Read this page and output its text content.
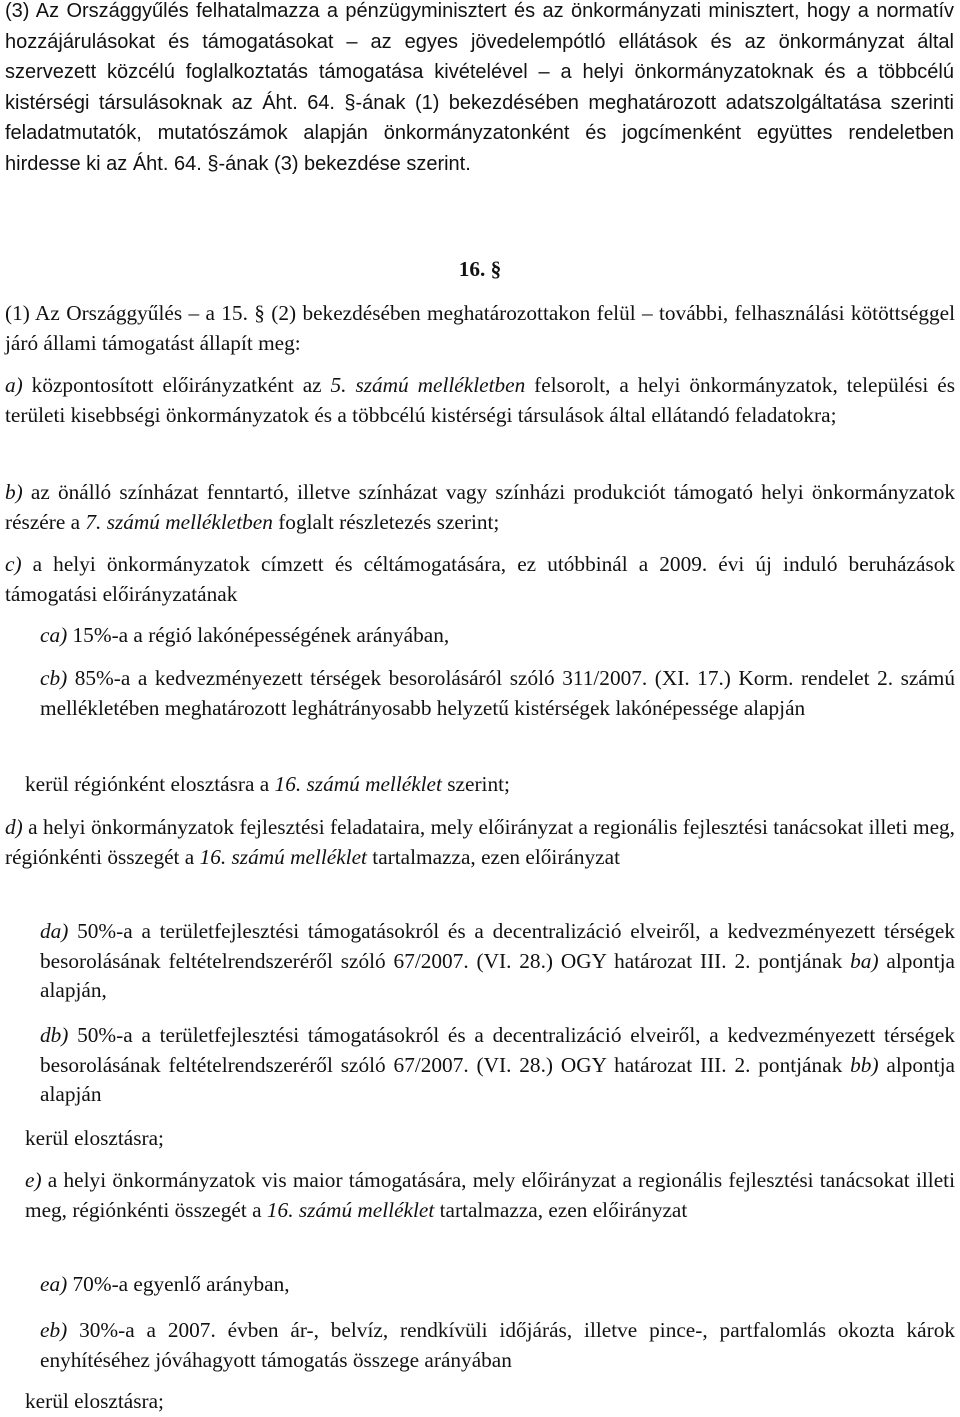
(3) Az Országgyűlés felhatalmazza a pénzügyminisztert és az önkormányzati minisztert, hogy a normatív hozzájárulásokat és támogatásokat – az egyes jövedelempótló ellátások és az önkormányzat által szervezett közcélú foglalkoztatás támogatása kivételével – a helyi önkormányzatoknak és a többcélú kistérségi társulásoknak az Áht. 64. §-ának (1) bekezdésében meghatározott adatszolgáltatása szerinti feladatmutatók, mutatószámok alapján önkormányzatonként és jogcímenként együttes rendeletben hirdesse ki az Áht. 64. §-ának (3) bekezdése szerint.

16. §

(1) Az Országgyűlés – a 15. § (2) bekezdésében meghatározottakon felül – további, felhasználási kötöttséggel járó állami támogatást állapít meg:

a) központosított előirányzatként az 5. számú mellékletben felsorolt, a helyi önkormányzatok, települési és területi kisebbségi önkormányzatok és a többcélú kistérségi társulások által ellátandó feladatokra;

b) az önálló színházat fenntartó, illetve színházat vagy színházi produkciót támogató helyi önkormányzatok részére a 7. számú mellékletben foglalt részletezés szerint;

c) a helyi önkormányzatok címzett és céltámogatására, ez utóbbinál a 2009. évi új induló beruházások támogatási előirányzatának

ca) 15%-a a régió lakónépességének arányában,

cb) 85%-a a kedvezményezett térségek besorolásáról szóló 311/2007. (XI. 17.) Korm. rendelet 2. számú mellékletében meghatározott leghátrányosabb helyzetű kistérségek lakónépessége alapján

kerül régiónként elosztásra a 16. számú melléklet szerint;

d) a helyi önkormányzatok fejlesztési feladataira, mely előirányzat a regionális fejlesztési tanácsokat illeti meg, régiónkénti összegét a 16. számú melléklet tartalmazza, ezen előirányzat

da) 50%-a a területfejlesztési támogatásokról és a decentralizáció elveiről, a kedvezményezett térségek besorolásának feltételrendszeréről szóló 67/2007. (VI. 28.) OGY határozat III. 2. pontjának ba) alpontja alapján,

db) 50%-a a területfejlesztési támogatásokról és a decentralizáció elveiről, a kedvezményezett térségek besorolásának feltételrendszeréről szóló 67/2007. (VI. 28.) OGY határozat III. 2. pontjának bb) alpontja alapján

kerül elosztásra;

e) a helyi önkormányzatok vis maior támogatására, mely előirányzat a regionális fejlesztési tanácsokat illeti meg, régiónkénti összegét a 16. számú melléklet tartalmazza, ezen előirányzat

ea) 70%-a egyenlő arányban,

eb) 30%-a a 2007. évben ár-, belvíz, rendkívüli időjárás, illetve pince-, partfalomlás okozta károk enyhítéséhez jóváhagyott támogatás összege arányában

kerül elosztásra;
